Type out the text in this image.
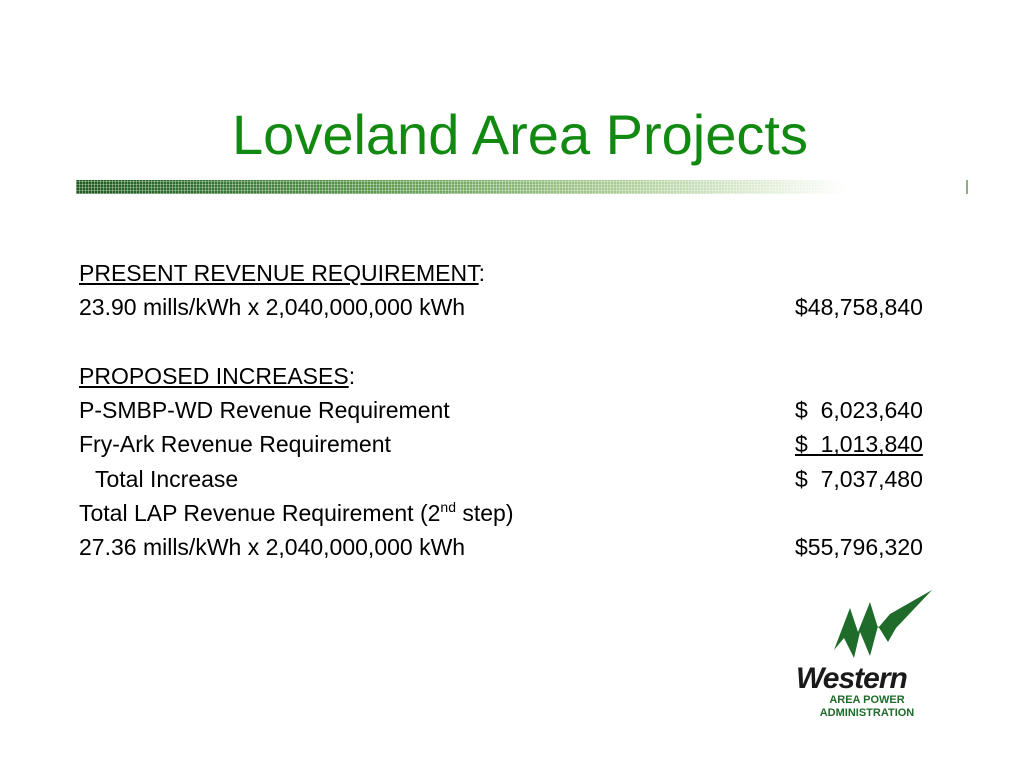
Loveland Area Projects
PRESENT REVENUE REQUIREMENT:
23.90 mills/kWh x 2,040,000,000 kWh	$48,758,840
PROPOSED INCREASES:
P-SMBP-WD Revenue Requirement	$  6,023,640
Fry-Ark Revenue Requirement	$  1,013,840
Total Increase	$  7,037,480
Total LAP Revenue Requirement (2nd step)
27.36 mills/kWh x 2,040,000,000 kWh	$55,796,320
Western
AREA POWER
ADMINISTRATION
